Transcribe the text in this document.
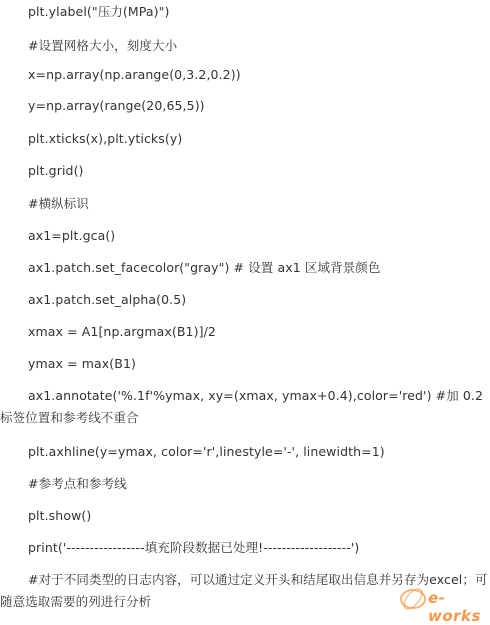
plt.ylabel("压力(MPa)")
#设置网格大小，刻度大小
x=np.array(np.arange(0,3.2,0.2))
y=np.array(range(20,65,5))
plt.xticks(x),plt.yticks(y)
plt.grid()
#横纵标识
ax1=plt.gca()
ax1.patch.set_facecolor("gray") # 设置 ax1 区域背景颜色
ax1.patch.set_alpha(0.5)
xmax = A1[np.argmax(B1)]/2
ymax = max(B1)
ax1.annotate('%.1f'%ymax, xy=(xmax, ymax+0.4),color='red') #加 0.2 标签位置和参考线不重合
plt.axhline(y=ymax, color='r',linestyle='-', linewidth=1)
#参考点和参考线
plt.show()
print('-----------------填充阶段数据已处理!-------------------')
#对于不同类型的日志内容，可以通过定义开头和结尾取出信息并另存为excel；可随意选取需要的列进行分析	e-works
